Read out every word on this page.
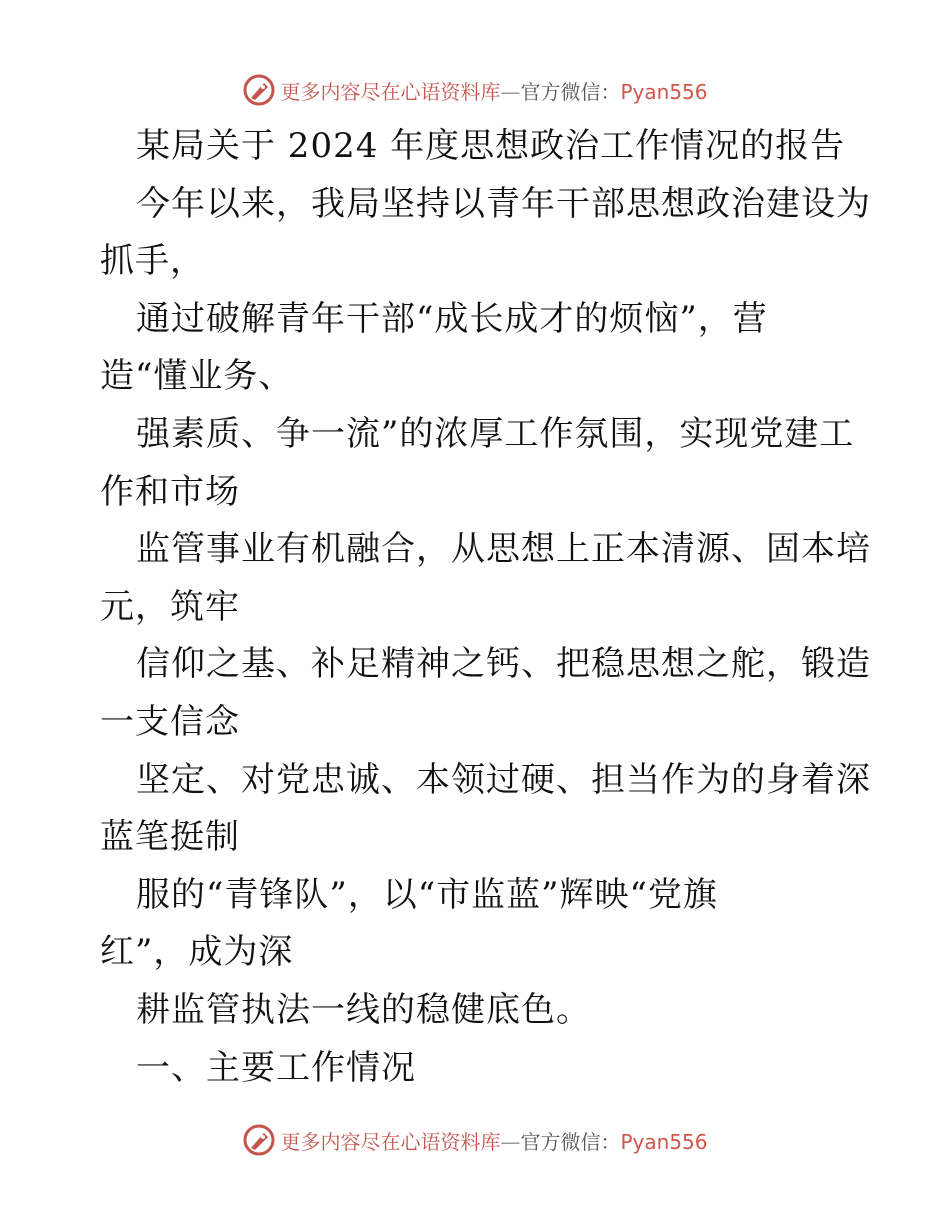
更多内容尽在心语资料库—官方微信：Pyan556
某局关于 2024 年度思想政治工作情况的报告
今年以来，我局坚持以青年干部思想政治建设为
抓手，
通过破解青年干部“成长成才的烦恼”，营
造“懂业务、
强素质、争一流”的浓厚工作氛围，实现党建工
作和市场
监管事业有机融合，从思想上正本清源、固本培
元，筑牢
信仰之基、补足精神之钙、把稳思想之舵，锻造
一支信念
坚定、对党忠诚、本领过硬、担当作为的身着深
蓝笔挺制
服的“青锋队”，以“市监蓝”辉映“党旗
红”，成为深
耕监管执法一线的稳健底色。
一、主要工作情况
更多内容尽在心语资料库—官方微信：Pyan556
